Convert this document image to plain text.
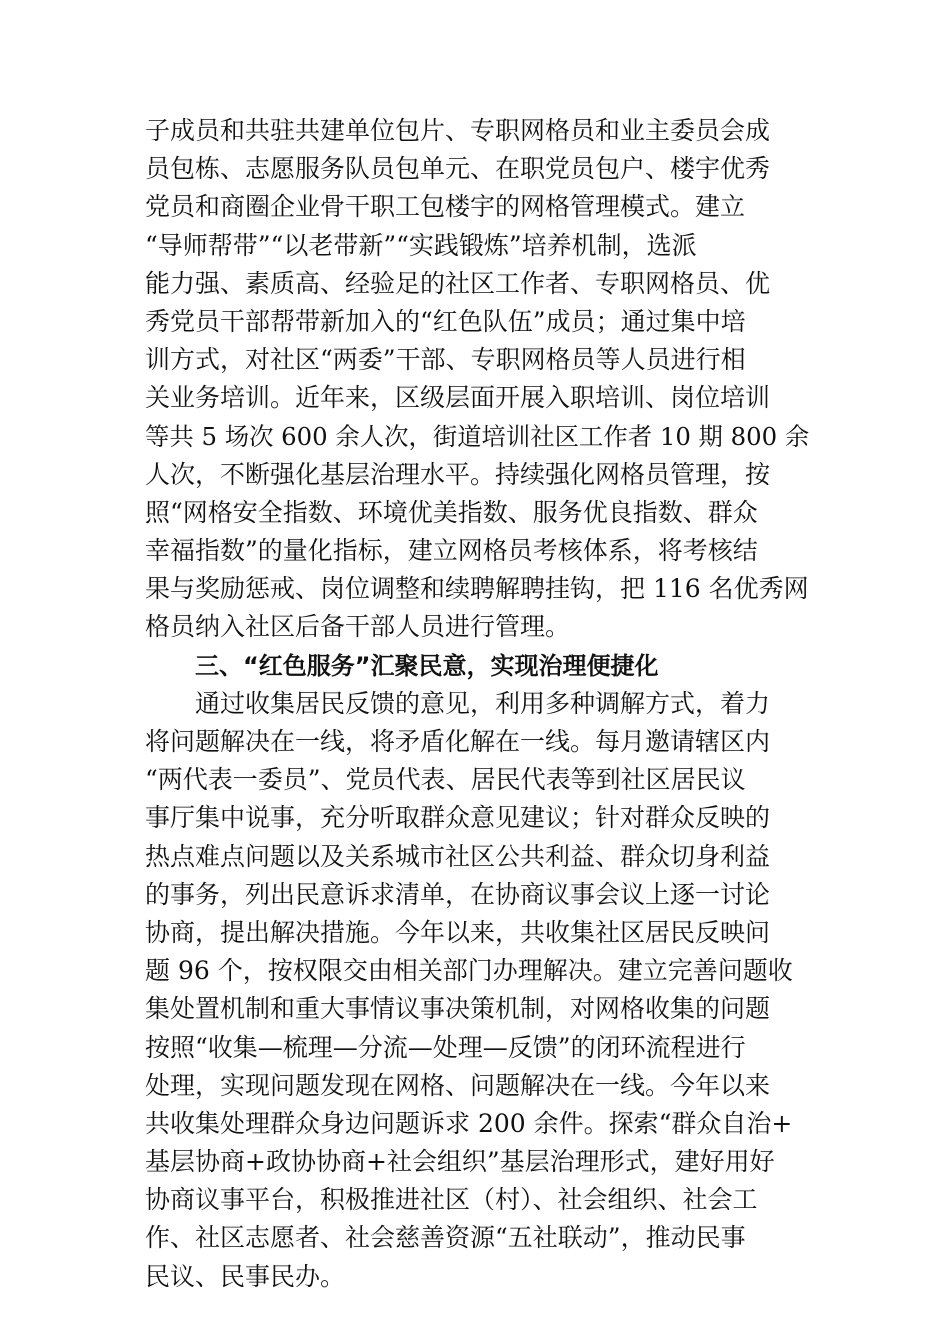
子成员和共驻共建单位包片、专职网格员和业主委员会成
员包栋、志愿服务队员包单元、在职党员包户、楼宇优秀
党员和商圈企业骨干职工包楼宇的网格管理模式。建立
“导师帮带”“以老带新”“实践锻炼”培养机制，选派
能力强、素质高、经验足的社区工作者、专职网格员、优
秀党员干部帮带新加入的“红色队伍”成员；通过集中培
训方式，对社区“两委”干部、专职网格员等人员进行相
关业务培训。近年来，区级层面开展入职培训、岗位培训
等共 5 场次 600 余人次，街道培训社区工作者 10 期 800 余
人次，不断强化基层治理水平。持续强化网格员管理，按
照“网格安全指数、环境优美指数、服务优良指数、群众
幸福指数”的量化指标，建立网格员考核体系，将考核结
果与奖励惩戒、岗位调整和续聘解聘挂钩，把 116 名优秀网
格员纳入社区后备干部人员进行管理。
三、“红色服务”汇聚民意，实现治理便捷化
通过收集居民反馈的意见，利用多种调解方式，着力
将问题解决在一线，将矛盾化解在一线。每月邀请辖区内
“两代表一委员”、党员代表、居民代表等到社区居民议
事厅集中说事，充分听取群众意见建议；针对群众反映的
热点难点问题以及关系城市社区公共利益、群众切身利益
的事务，列出民意诉求清单，在协商议事会议上逐一讨论
协商，提出解决措施。今年以来，共收集社区居民反映问
题 96 个，按权限交由相关部门办理解决。建立完善问题收
集处置机制和重大事情议事决策机制，对网格收集的问题
按照“收集—梳理—分流—处理—反馈”的闭环流程进行
处理，实现问题发现在网格、问题解决在一线。今年以来
共收集处理群众身边问题诉求 200 余件。探索“群众自治+
基层协商+政协协商+社会组织”基层治理形式，建好用好
协商议事平台，积极推进社区（村）、社会组织、社会工
作、社区志愿者、社会慈善资源“五社联动”，推动民事
民议、民事民办。
